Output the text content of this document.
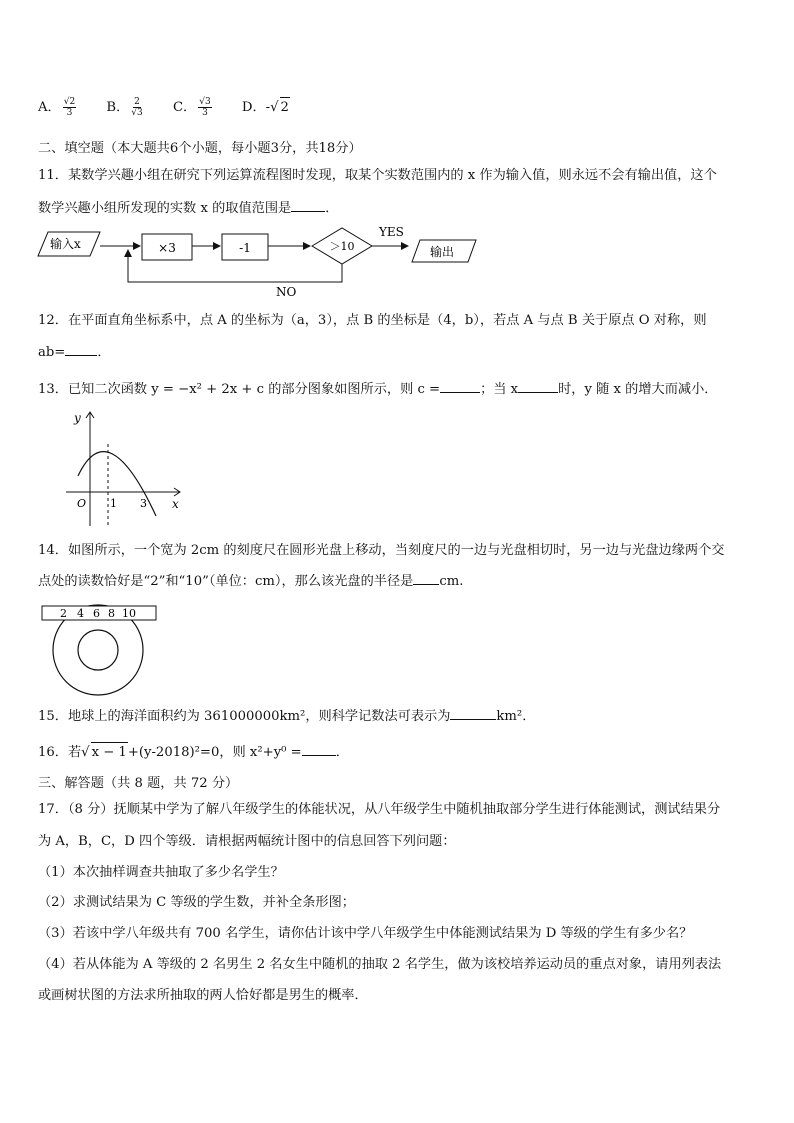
A． $\frac{√2}{3}$ B． $\frac{2}{√3}$ C． $\frac{√3}{3}$ D．-√ 2
二、填空题（本大题共6个小题，每小题3分，共18分）
11．某数学兴趣小组在研究下列运算流程图时发现，取某个实数范围内的 x 作为输入值，则永远不会有输出值，这个
数学兴趣小组所发现的实数 x 的取值范围是	．
输入x	×3	-1	＞10
YES
输出
NO
12．在平面直角坐标系中，点 A 的坐标为（a，3），点 B 的坐标是（4，b），若点 A 与点 B 关于原点 O 对称，则
ab= ．
13．已知二次函数 y = −x² + 2x + c 的部分图象如图所示，则 c =	；当 x	时，y 随 x 的增大而减小．
y
x
O 1 3
14．如图所示，一个宽为 2cm 的刻度尺在圆形光盘上移动，当刻度尺的一边与光盘相切时，另一边与光盘边缘两个交
点处的读数恰好是“2”和“10”（单位：cm），那么该光盘的半径是 cm.
2 4 6 8 10
15．地球上的海洋面积约为 361000000km²，则科学记数法可表示为	km²．
16．若√ x − 1+(y-2018)²=0，则 x²+y⁰ =	．
三、解答题（共 8 题，共 72 分）
17．（8 分）抚顺某中学为了解八年级学生的体能状况，从八年级学生中随机抽取部分学生进行体能测试，测试结果分
为 A，B，C，D 四个等级．请根据两幅统计图中的信息回答下列问题：
（1）本次抽样调查共抽取了多少名学生？
（2）求测试结果为 C 等级的学生数，并补全条形图；
（3）若该中学八年级共有 700 名学生，请你估计该中学八年级学生中体能测试结果为 D 等级的学生有多少名？
（4）若从体能为 A 等级的 2 名男生 2 名女生中随机的抽取 2 名学生，做为该校培养运动员的重点对象，请用列表法
或画树状图的方法求所抽取的两人恰好都是男生的概率．
